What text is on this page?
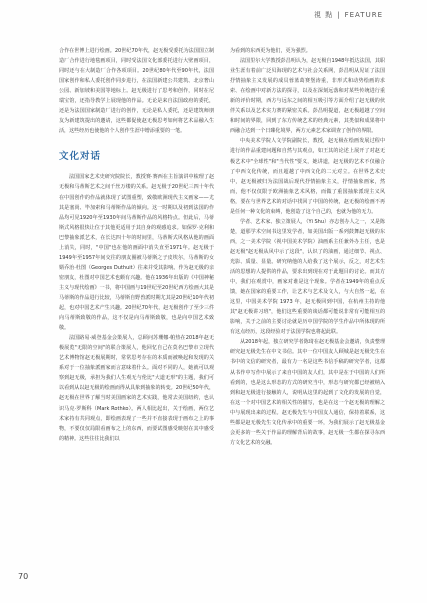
視 點 | FEATURE

合作在世博上进行绘画。20世纪70年代，赵无极受委托为法国国立制造厂合作进行地毯画项目，同时受法国文化部委托进行大壁画项目，同时还与在大制造厂合作各项项目。20世纪80年代至90年代，法国国家创作和私人委托创作同步进行，在法国新建公共建筑、北京奢山公园、新加坡和美国等地标上。赵无极进行了思考和创作，同时在尼瑞宝馆，还指导教学上展现他的作品。无论是来自法国政府的委托，还是为法国国家制造厂进行的创作，无论是私人委托，还是建筑师朋友为新建筑提出的邀请，这些都促使赵无极思考如何将艺术品融入生活，这些经历也使他的个人创作生涯中增添重要的一笔。

文化对话

法国国家艺术史研究院院长，教授赛·赛西在主旨演讲中梳理了赵无极和马蒂斯艺术之间千丝万缕的关系。赵无极于20世纪三四十年代在中国创作的作品就体现了试图重塑，致敬欧洲现代主义画家——尤其是塞尚、毕加索和马蒂斯作品的倾向。这一时期以及初到法国的作品均可见1920年至1930年间马蒂斯作品的风格特点。但此后，马蒂斯式风格很快让位于其他更适用于其自身的观感追求。如保罗·克利和巴黎抽象派艺术，在长达四十年的时间里，马蒂斯式风格从他的画面上消失，同时，"中国"也在他的画面中消失直至1971年。赵无极于1949年至1957年间交往的朋友圈被马蒂斯之子皮埃尔，马蒂斯的女婿乔治·杜图（Georges Duthuit）往来并受其影响。作为赵无极的亲密朋友，杜图对中国艺术也颇有兴趣。他在1936年出版的《中国神秘主义与现代绘画》一书，将中国画与19世纪至20世纪西方绘画大其是马蒂斯的作品进行比较，马蒂斯自野兽派时期尤其是20世纪10年代初起，也对中国艺术产生兴趣。20世纪70年代，赵无极创作了至少三件向马蒂斯致敬的作品，这不仅是向马蒂斯致敬，也是向中国艺术致敬。

法国路易·威登基金会策展人，总顾问苏珊娜·帕热在2018年赵无极展览"无限的空间"的联合策展人，他回忆自己在莫名巴黎市立现代艺术博物馆赵无极展期时，常常思考存在的本质而被唤起和发现的关系对于一位抽象派画家而言意味着什么。面对不同的人，她就可以观察到赵无极，承担为我们人生观无与伦比"大道无形"的主题，我们可以看到从以赵无极的绘画而得从具象到抽象的转变。20世纪50年代，赵无极在世界了解当时美国画家的艺术实践，他常去美国纽约，也认识马克·罗斯科（Mark Rothko）。两人相比起出，关于绘画，两位艺术家持有共同观点，即绘画表现了一些并不直接表现于画布之上的事物，不要仅仅局限看画布之上的东西，而要试图感受映射在其中感受的精神。这些往往比我们以

为看到的东西更为他们，更为强烈。

法国里尔大学教授彭昌明认为，赵无极自1948年抵达法国，其职业生涯有着前广泛贝海现的艺术与社会关系网，彭昌明从见证了法国抒情抽象主义发展的成员蓉蓝葛赛堡涛重，非形式和动势绘画的求索、在绘画中对新方法的探寻，以及在深刻远落和对某些传统进行重新的评价时期，西方与远东之间的相互吸引等方面介绍了赵无极的伙伴关系以及艺术实力赛的紧密关系。彭昌明提道，赵无极超越了空间和时间的界限，回到了东方传统艺术的经典元素，其类似和成果将中西融合达到一个日臻化境界，两方元素艺术家调查了创作的界限。

中央美术学院人文学院副院长，教授，赵无极在绘画发展过程中进行的作品重建问题和自然与其观点，如王其的论述上展开了对赵无极艺术中"全球性"和"当代性"要义，她讲道，赵无极的艺术不仅融合了中西文化传统，而且超越了中西文化的二元对立。在世界艺术史中，赵无极被归为法国战后现代抒情抽象主义，抒情抽象画家，然而，他不仅仅限于欧洲抽象艺术风格，而做了重国抽象派现主义风格，要在与世界艺术的对话中找回了中国的传统，赵无极的绘画不再是任何一种文化的束缚，他创造了这个自己的，也就为他的无力。

学者、艺术家、独立策展人，（Yi Shu）亦志创办人之一，又是陈楚，道那学术空间书这里发学者，如美国出版一系列鼓舞赵无极的东西，之一美术学院（视中国美术学院）油画系主任兼外办主任，也是赵无极"赵无极从风中示了这段"，认识了的油画，通过细节、视点、光影、质量、显量。研究纳他的人给我了这个展示，反之，对艺术生活的思想的人提供的作品，要求出到现在对于此题目的讨论。而其方中，我们在观赏中，画家对谁是这个现象。学者在1949年的重点反馈，她在国家的重要工作，让艺术与艺术及文人，与大自然一起，在这里，中国美术学院 1973 年，赵无极回到中国，在杭州主持的他其"赵无极讲习班"，他们这些重要的谈话都可能说非常有可能相互的影响，关于之前的主要讨论就是历中国学院的学生作品中所体现的所有这点经历，这段经验对于法国学院也将起此联。

从2018年起，独立研究学者陈琦在赵无极基金会邀请，负责整理研究赵无极先生在中文书信。其中一位中国友人顾城是赵无极先生在书中的文信的研究者，最有力一名是这些书信手稿的研究学者，这都从书作中写作中展示了来自中国的友人们，其中是在于中国的人们所看到的，也是这么形态的方式的研究当中，形态与研究都已经被纳入到和赵无极进行接触的人，说明从这里的起到了文化的发展的自觉，在这一个对中国艺术的相关性的描写，也是在这一个赵无极的理解之中与展现出来的过程。赵无极先生与中国友人通信，保持着联系，这些都是赵无极先生文化传承中的重要一环，为我们展示了赵无极基金会更多的一些关于作品的理解背后的故事，赵无极一生都在探寻东西方文化艺术的交融。

70
